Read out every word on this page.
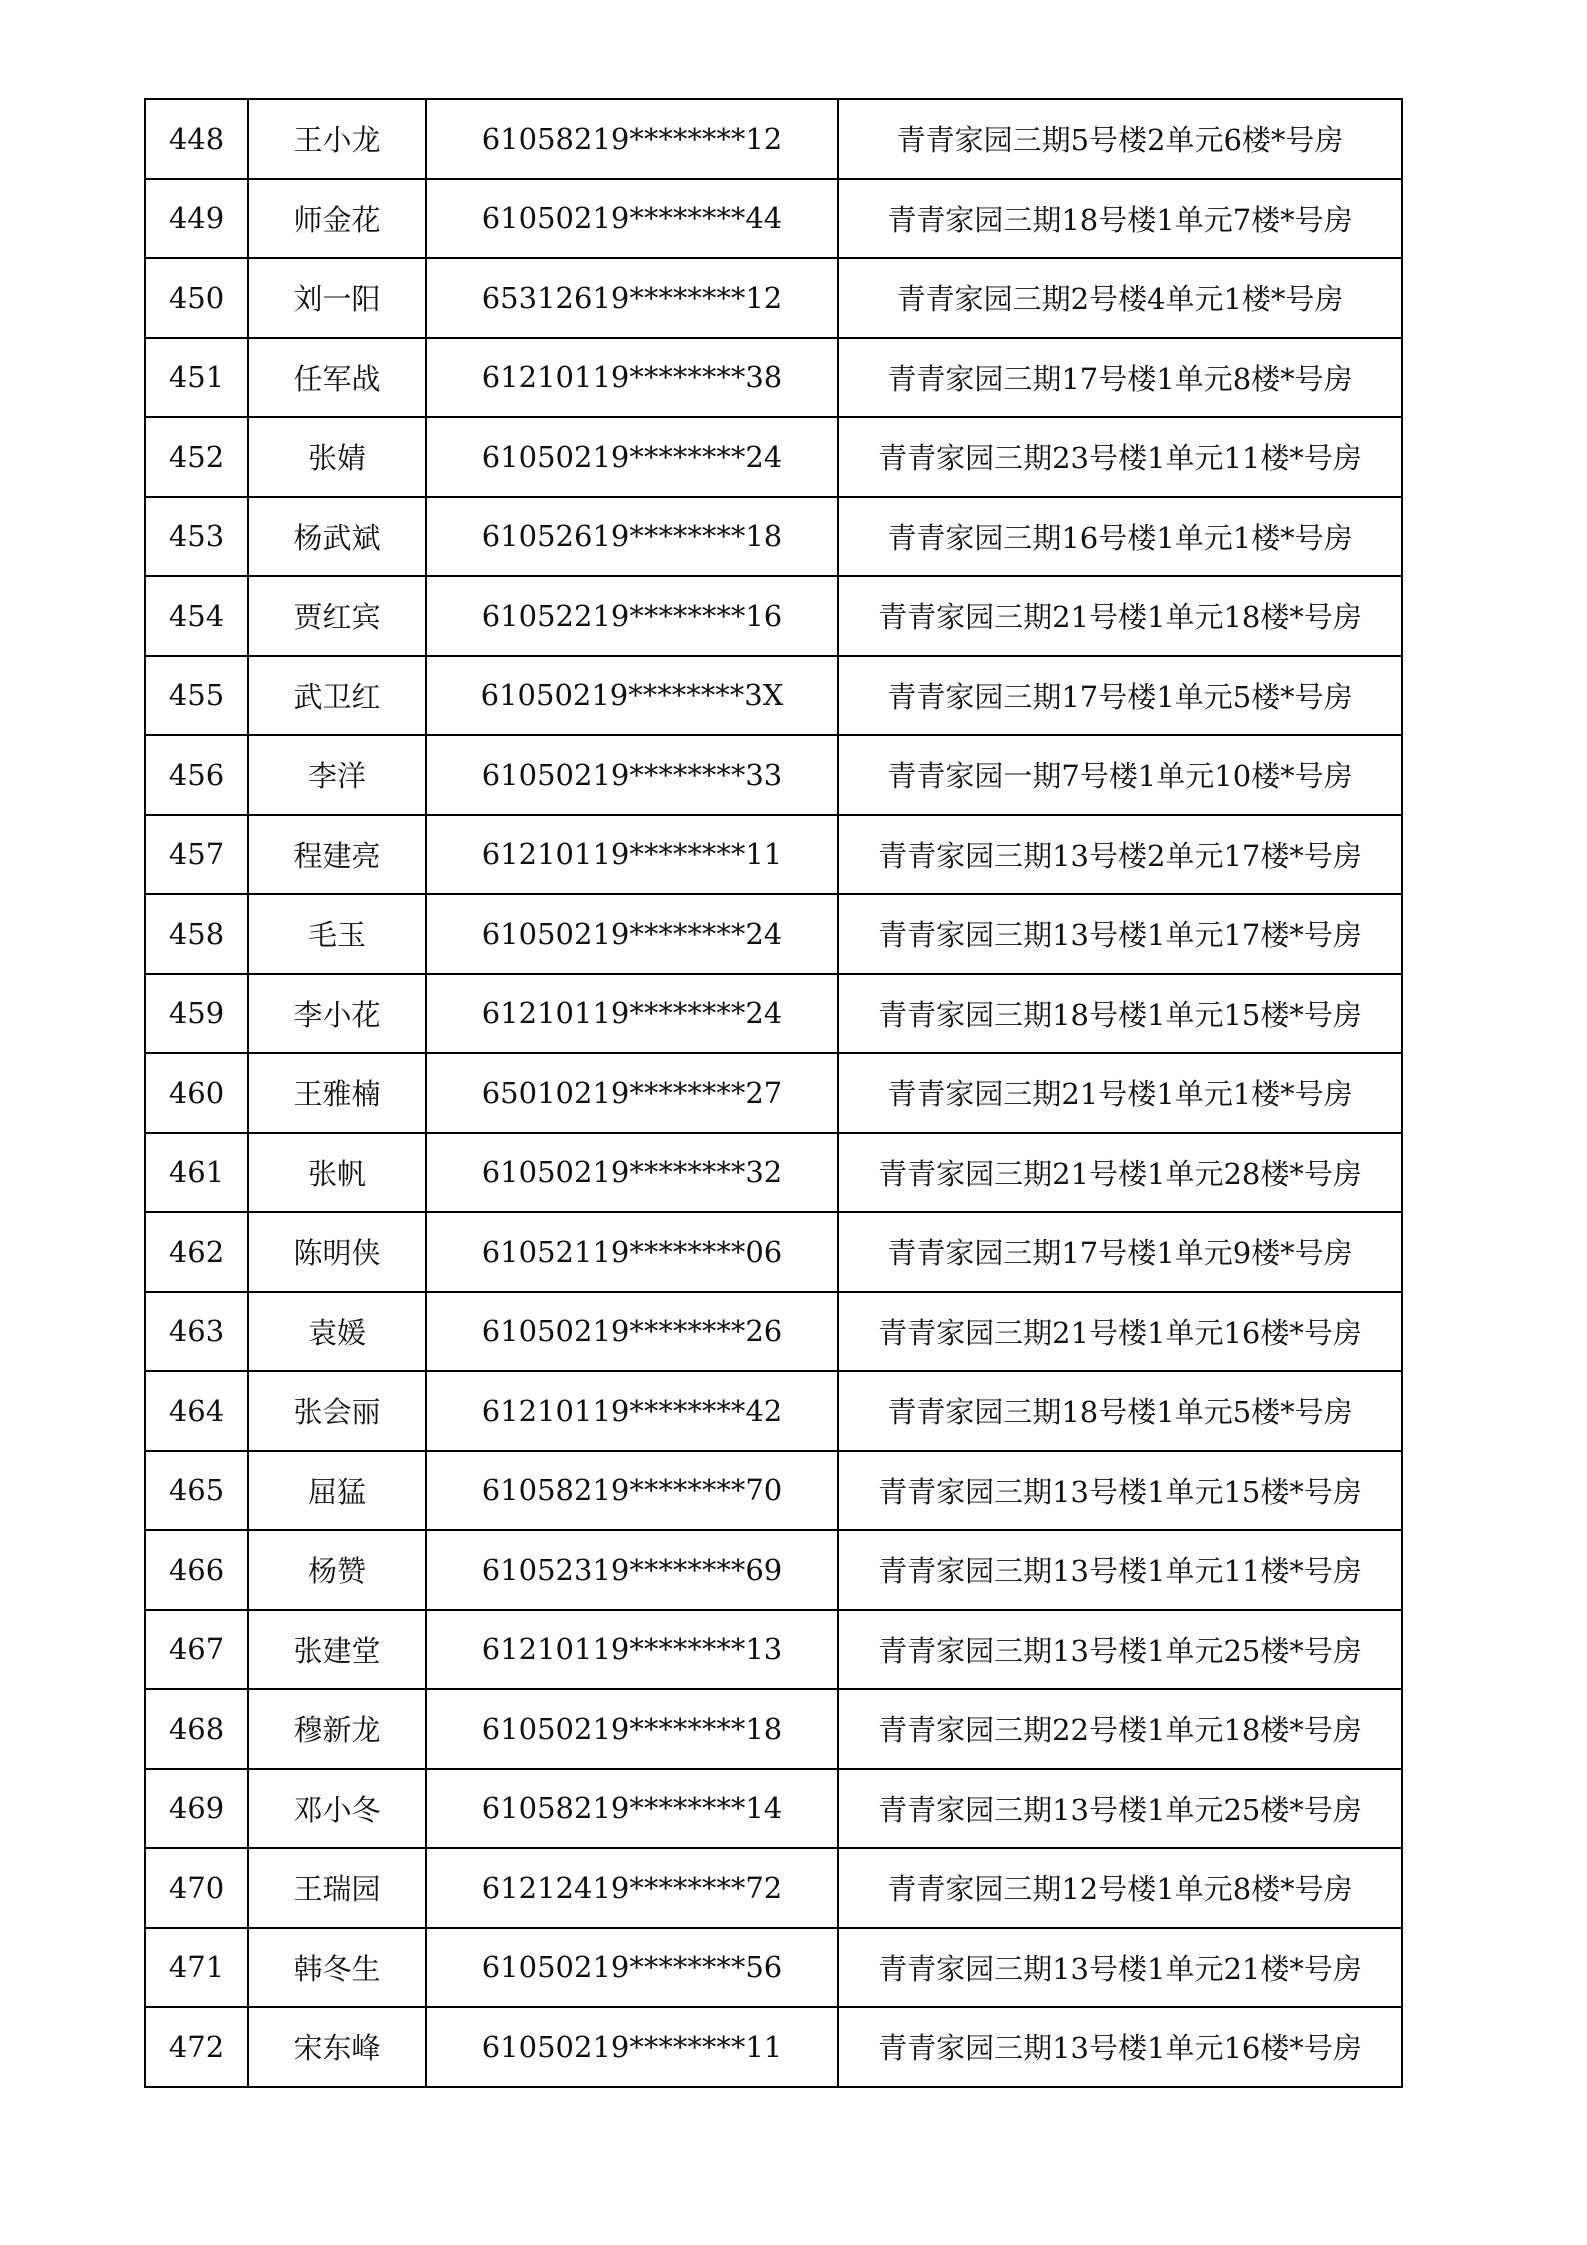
448	王小龙	61058219********12	青青家园三期5号楼2单元6楼*号房
449	师金花	61050219********44	青青家园三期18号楼1单元7楼*号房
450	刘一阳	65312619********12	青青家园三期2号楼4单元1楼*号房
451	任军战	61210119********38	青青家园三期17号楼1单元8楼*号房
452	张婧	61050219********24	青青家园三期23号楼1单元11楼*号房
453	杨武斌	61052619********18	青青家园三期16号楼1单元1楼*号房
454	贾红宾	61052219********16	青青家园三期21号楼1单元18楼*号房
455	武卫红	61050219********3X	青青家园三期17号楼1单元5楼*号房
456	李洋	61050219********33	青青家园一期7号楼1单元10楼*号房
457	程建亮	61210119********11	青青家园三期13号楼2单元17楼*号房
458	毛玉	61050219********24	青青家园三期13号楼1单元17楼*号房
459	李小花	61210119********24	青青家园三期18号楼1单元15楼*号房
460	王雅楠	65010219********27	青青家园三期21号楼1单元1楼*号房
461	张帆	61050219********32	青青家园三期21号楼1单元28楼*号房
462	陈明侠	61052119********06	青青家园三期17号楼1单元9楼*号房
463	袁媛	61050219********26	青青家园三期21号楼1单元16楼*号房
464	张会丽	61210119********42	青青家园三期18号楼1单元5楼*号房
465	屈猛	61058219********70	青青家园三期13号楼1单元15楼*号房
466	杨赞	61052319********69	青青家园三期13号楼1单元11楼*号房
467	张建堂	61210119********13	青青家园三期13号楼1单元25楼*号房
468	穆新龙	61050219********18	青青家园三期22号楼1单元18楼*号房
469	邓小冬	61058219********14	青青家园三期13号楼1单元25楼*号房
470	王瑞园	61212419********72	青青家园三期12号楼1单元8楼*号房
471	韩冬生	61050219********56	青青家园三期13号楼1单元21楼*号房
472	宋东峰	61050219********11	青青家园三期13号楼1单元16楼*号房
